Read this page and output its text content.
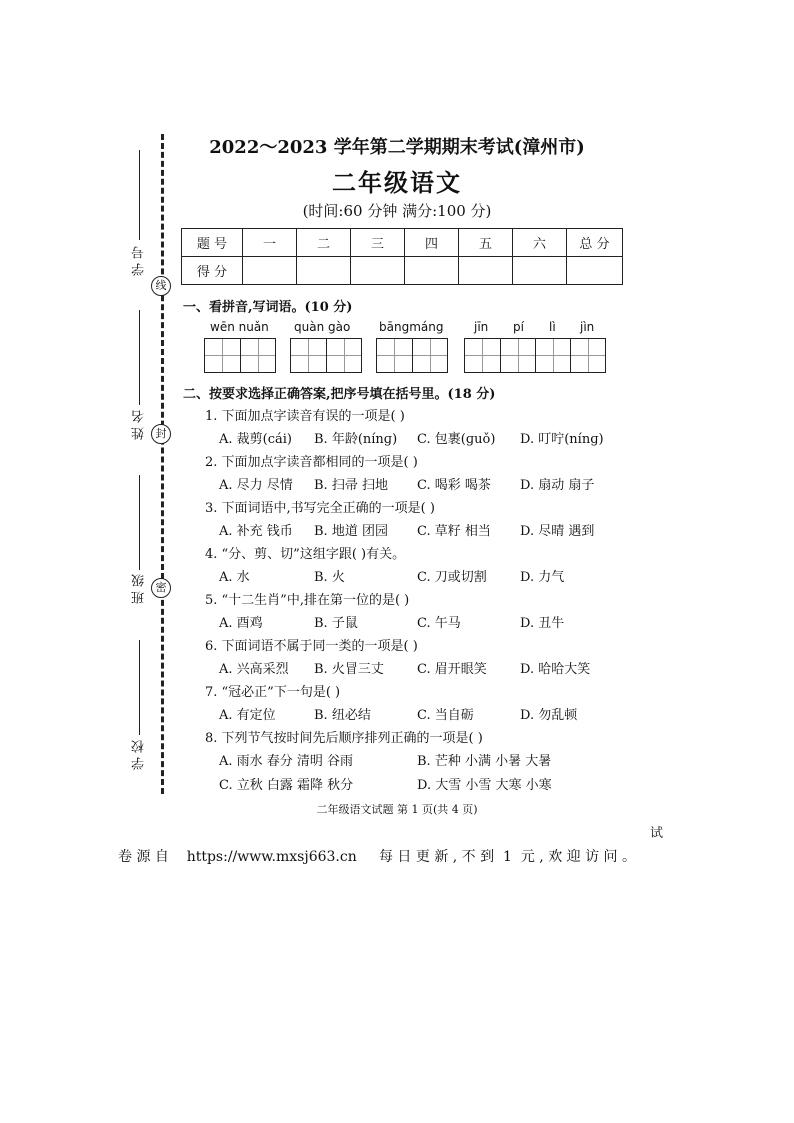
学 号
姓 名
班 级
学 校
线
封
密
2022～2023 学年第二学期期末考试(漳州市)
二年级语文
(时间:60 分钟 满分:100 分)
题 号	一	二	三	四	五	六	总 分
得 分							
一、看拼音,写词语。(10 分)
wēn nuǎn quàn gào bāngmáng	jīn pí lì jìn
二、按要求选择正确答案,把序号填在括号里。(18 分)
1. 下面加点字读音有误的一项是( )
A. 裁剪(cái) B. 年龄(nínɡ) C. 包裹(ɡuǒ) D. 叮咛(nínɡ)
2. 下面加点字读音都相同的一项是( )
A. 尽力 尽情 B. 扫帚 扫地 C. 喝彩 喝茶 D. 扇动 扇子
3. 下面词语中,书写完全正确的一项是( )
A. 补充 钱币 B. 地道 团园 C. 草籽 相当 D. 尽晴 遇到
4. “分、剪、切”这组字跟( )有关。
A. 水	B. 火	C. 刀或切割	D. 力气
5. “十二生肖”中,排在第一位的是( )
A. 酉鸡	B. 子鼠	C. 午马	D. 丑牛
6. 下面词语不属于同一类的一项是( )
A. 兴高采烈 B. 火冒三丈	C. 眉开眼笑	D. 哈哈大笑
7. “冠必正”下一句是( )
A. 有定位	B. 纽必结	C. 当自砺	D. 勿乱顿
8. 下列节气按时间先后顺序排列正确的一项是( )
A. 雨水 春分 清明 谷雨	B. 芒种 小满 小暑 大暑
C. 立秋 白露 霜降 秋分	D. 大雪 小雪 大寒 小寒
二年级语文试题 第 1 页(共 4 页)
试
卷 源 自    https://www.mxsj663.cn     每 日 更 新 , 不 到  1  元 , 欢 迎 访 问 。
